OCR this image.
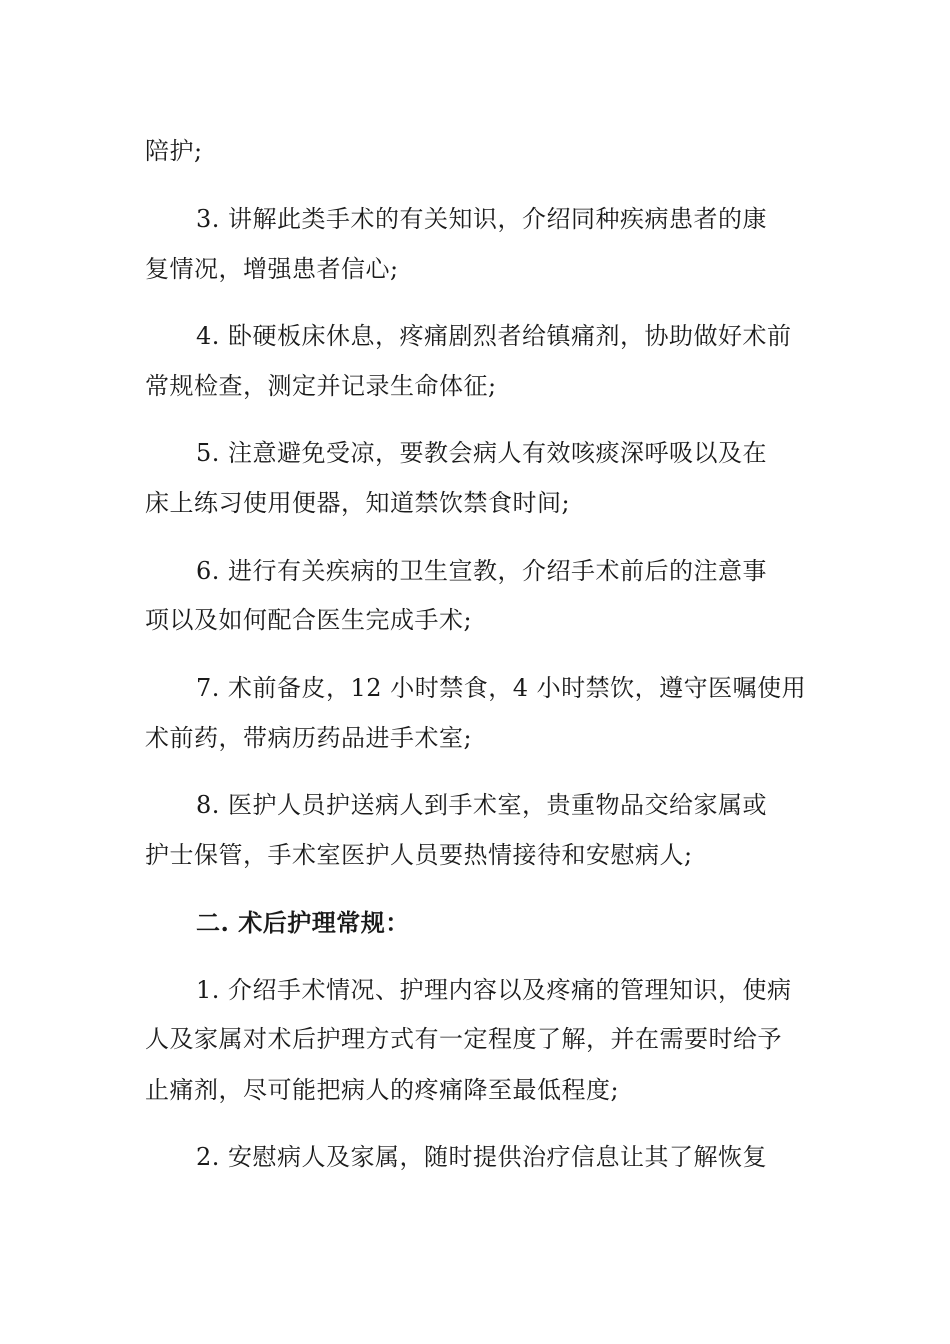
陪护;
3. 讲解此类手术的有关知识，介绍同种疾病患者的康
复情况，增强患者信心;
4. 卧硬板床休息，疼痛剧烈者给镇痛剂，协助做好术前
常规检查，测定并记录生命体征;
5. 注意避免受凉，要教会病人有效咳痰深呼吸以及在
床上练习使用便器，知道禁饮禁食时间;
6. 进行有关疾病的卫生宣教，介绍手术前后的注意事
项以及如何配合医生完成手术;
7. 术前备皮，12 小时禁食，4 小时禁饮，遵守医嘱使用
术前药，带病历药品进手术室;
8. 医护人员护送病人到手术室，贵重物品交给家属或
护士保管，手术室医护人员要热情接待和安慰病人;
二. 术后护理常规：
1. 介绍手术情况、护理内容以及疼痛的管理知识，使病
人及家属对术后护理方式有一定程度了解，并在需要时给予
止痛剂，尽可能把病人的疼痛降至最低程度;
2. 安慰病人及家属，随时提供治疗信息让其了解恢复
